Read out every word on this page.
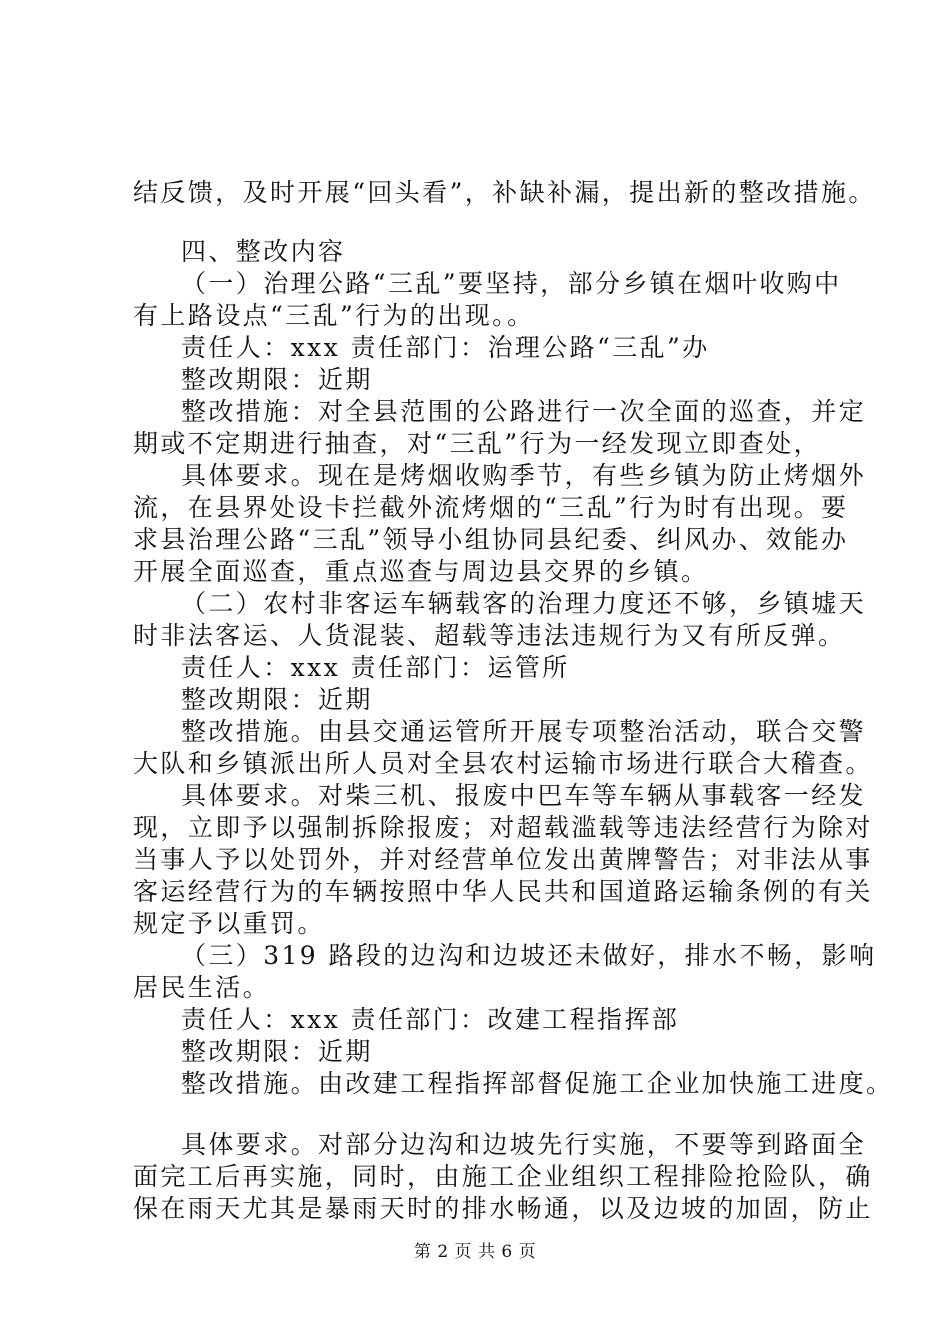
结反馈，及时开展“回头看”，补缺补漏，提出新的整改措施。
四、整改内容
（一）治理公路“三乱”要坚持，部分乡镇在烟叶收购中
有上路设点“三乱”行为的出现。。
责任人：xxx 责任部门：治理公路“三乱”办
整改期限：近期
整改措施：对全县范围的公路进行一次全面的巡查，并定
期或不定期进行抽查，对“三乱”行为一经发现立即查处，
具体要求。现在是烤烟收购季节，有些乡镇为防止烤烟外
流，在县界处设卡拦截外流烤烟的“三乱”行为时有出现。要
求县治理公路“三乱”领导小组协同县纪委、纠风办、效能办
开展全面巡查，重点巡查与周边县交界的乡镇。
（二）农村非客运车辆载客的治理力度还不够，乡镇墟天
时非法客运、人货混装、超载等违法违规行为又有所反弹。
责任人：xxx 责任部门：运管所
整改期限：近期
整改措施。由县交通运管所开展专项整治活动，联合交警
大队和乡镇派出所人员对全县农村运输市场进行联合大稽查。
具体要求。对柴三机、报废中巴车等车辆从事载客一经发
现，立即予以强制拆除报废；对超载滥载等违法经营行为除对
当事人予以处罚外，并对经营单位发出黄牌警告；对非法从事
客运经营行为的车辆按照中华人民共和国道路运输条例的有关
规定予以重罚。
（三）319 路段的边沟和边坡还未做好，排水不畅，影响
居民生活。
责任人：xxx 责任部门：改建工程指挥部
整改期限：近期
整改措施。由改建工程指挥部督促施工企业加快施工进度。
具体要求。对部分边沟和边坡先行实施，不要等到路面全
面完工后再实施，同时，由施工企业组织工程排险抢险队，确
保在雨天尤其是暴雨天时的排水畅通，以及边坡的加固，防止
第 2 页 共 6 页
